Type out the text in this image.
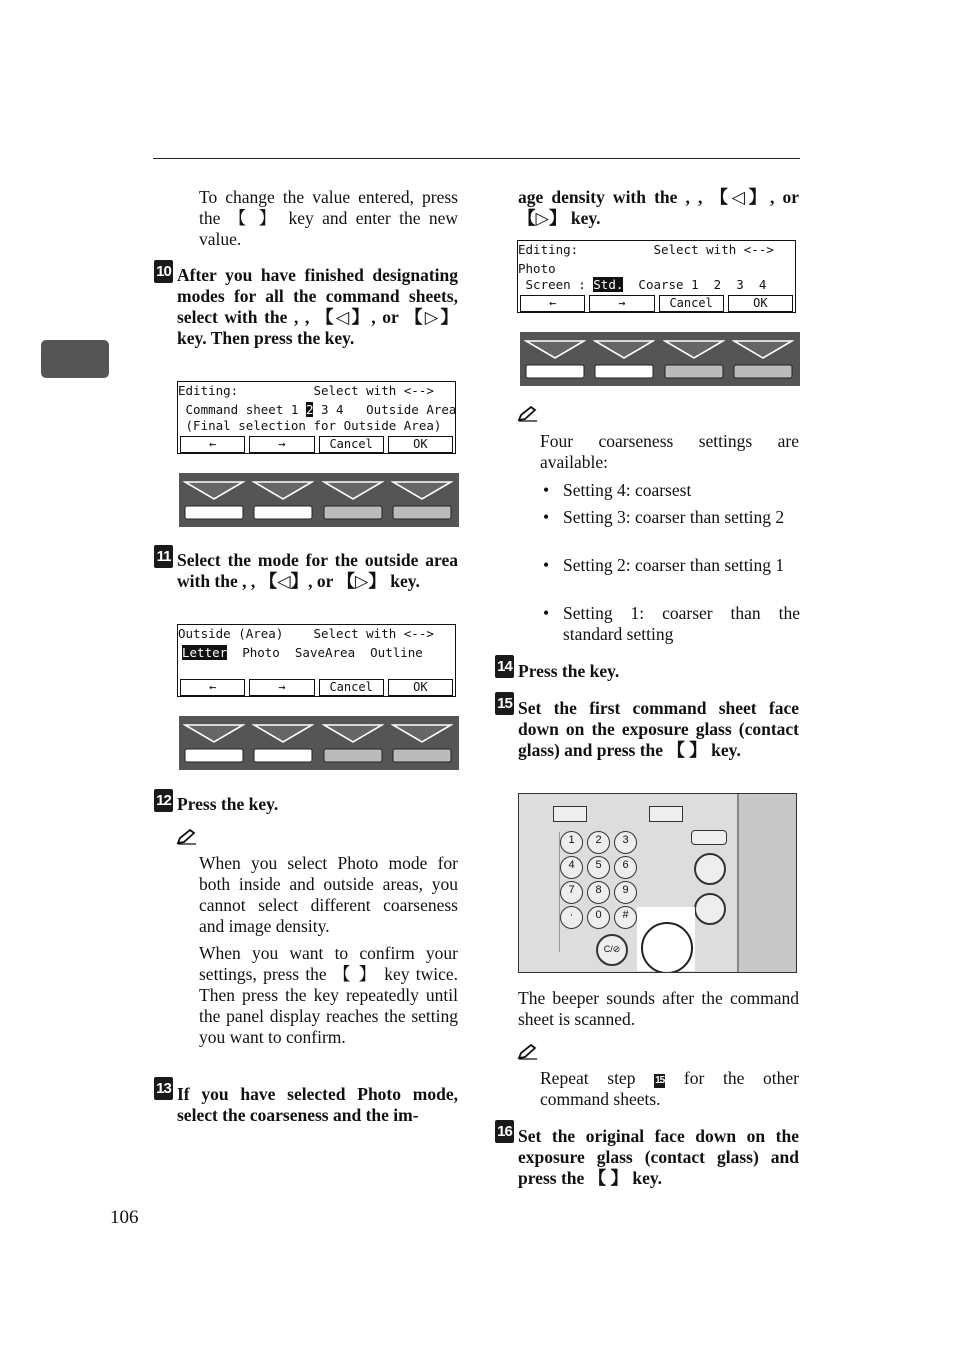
To change the value entered, press the 【 】 key and enter the new value.
10 After you have finished designating modes for all the command sheets, select with the , , 【◁】, or 【▷】 key. Then press the key.
Editing:          Select with <-->
Command sheet 1 2 3 4   Outside Area
(Final selection for Outside Area)
←	→	Cancel	OK
11 Select the mode for the outside area with the , , 【◁】, or 【▷】 key.
Outside (Area)    Select with <-->
Letter  Photo  SaveArea  Outline
←	→	Cancel	OK
12 Press the key.
When you select Photo mode for both inside and outside areas, you cannot select different coarseness and image density.
When you want to confirm your settings, press the 【 】 key twice. Then press the key repeatedly until the panel display reaches the setting you want to confirm.
13 If you have selected Photo mode, select the coarseness and the im-
age density with the , , 【◁】, or 【▷】 key.
Editing:          Select with <-->
Photo
Screen : Std.  Coarse 1  2  3  4
←	→	Cancel	OK
Four coarseness settings are available:
• Setting 4: coarsest
• Setting 3: coarser than setting 2
• Setting 2: coarser than setting 1
• Setting 1: coarser than the standard setting
14 Press the key.
15 Set the first command sheet face down on the exposure glass (contact glass) and press the 【 】 key.
1	2	3
4	5	6
7	8	9
·	0	#
C/⊘
The beeper sounds after the command sheet is scanned.
Repeat step 15 for the other command sheets.
16 Set the original face down on the exposure glass (contact glass) and press the 【 】 key.
106
